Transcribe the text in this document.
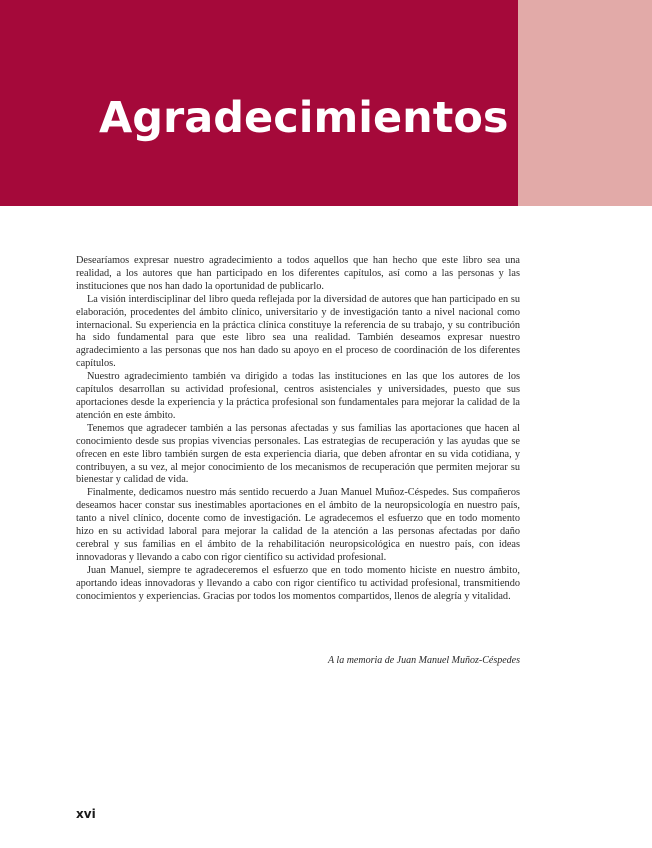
Agradecimientos

Desearíamos expresar nuestro agradecimiento a todos aquellos que han hecho que este libro sea una realidad, a los autores que han participado en los diferentes capítulos, así como a las personas y las instituciones que nos han dado la oportunidad de publicarlo.

La visión interdisciplinar del libro queda reflejada por la diversidad de autores que han participado en su elaboración, procedentes del ámbito clínico, universitario y de investigación tanto a nivel nacional como internacional. Su experiencia en la práctica clínica constituye la referencia de su trabajo, y su contribución ha sido fundamental para que este libro sea una realidad. También deseamos expresar nuestro agradecimiento a las personas que nos han dado su apoyo en el proceso de coordinación de los diferentes capítulos.

Nuestro agradecimiento también va dirigido a todas las instituciones en las que los autores de los capítulos desarrollan su actividad profesional, centros asistenciales y universidades, puesto que sus aportaciones desde la experiencia y la práctica profesional son fundamentales para mejorar la calidad de la atención en este ámbito.

Tenemos que agradecer también a las personas afectadas y sus familias las aportaciones que hacen al conocimiento desde sus propias vivencias personales. Las estrategias de recuperación y las ayudas que se ofrecen en este libro también surgen de esta experiencia diaria, que deben afrontar en su vida cotidiana, y contribuyen, a su vez, al mejor conocimiento de los mecanismos de recuperación que permiten mejorar su bienestar y calidad de vida.

Finalmente, dedicamos nuestro más sentido recuerdo a Juan Manuel Muñoz-Céspedes. Sus compañeros deseamos hacer constar sus inestimables aportaciones en el ámbito de la neuropsicología en nuestro país, tanto a nivel clínico, docente como de investigación. Le agradecemos el esfuerzo que en todo momento hizo en su actividad laboral para mejorar la calidad de la atención a las personas afectadas por daño cerebral y sus familias en el ámbito de la rehabilitación neuropsicológica en nuestro país, con ideas innovadoras y llevando a cabo con rigor científico su actividad profesional.

Juan Manuel, siempre te agradeceremos el esfuerzo que en todo momento hiciste en nuestro ámbito, aportando ideas innovadoras y llevando a cabo con rigor científico tu actividad profesional, transmitiendo conocimientos y experiencias. Gracias por todos los momentos compartidos, llenos de alegría y vitalidad.

A la memoria de Juan Manuel Muñoz-Céspedes
xvi
